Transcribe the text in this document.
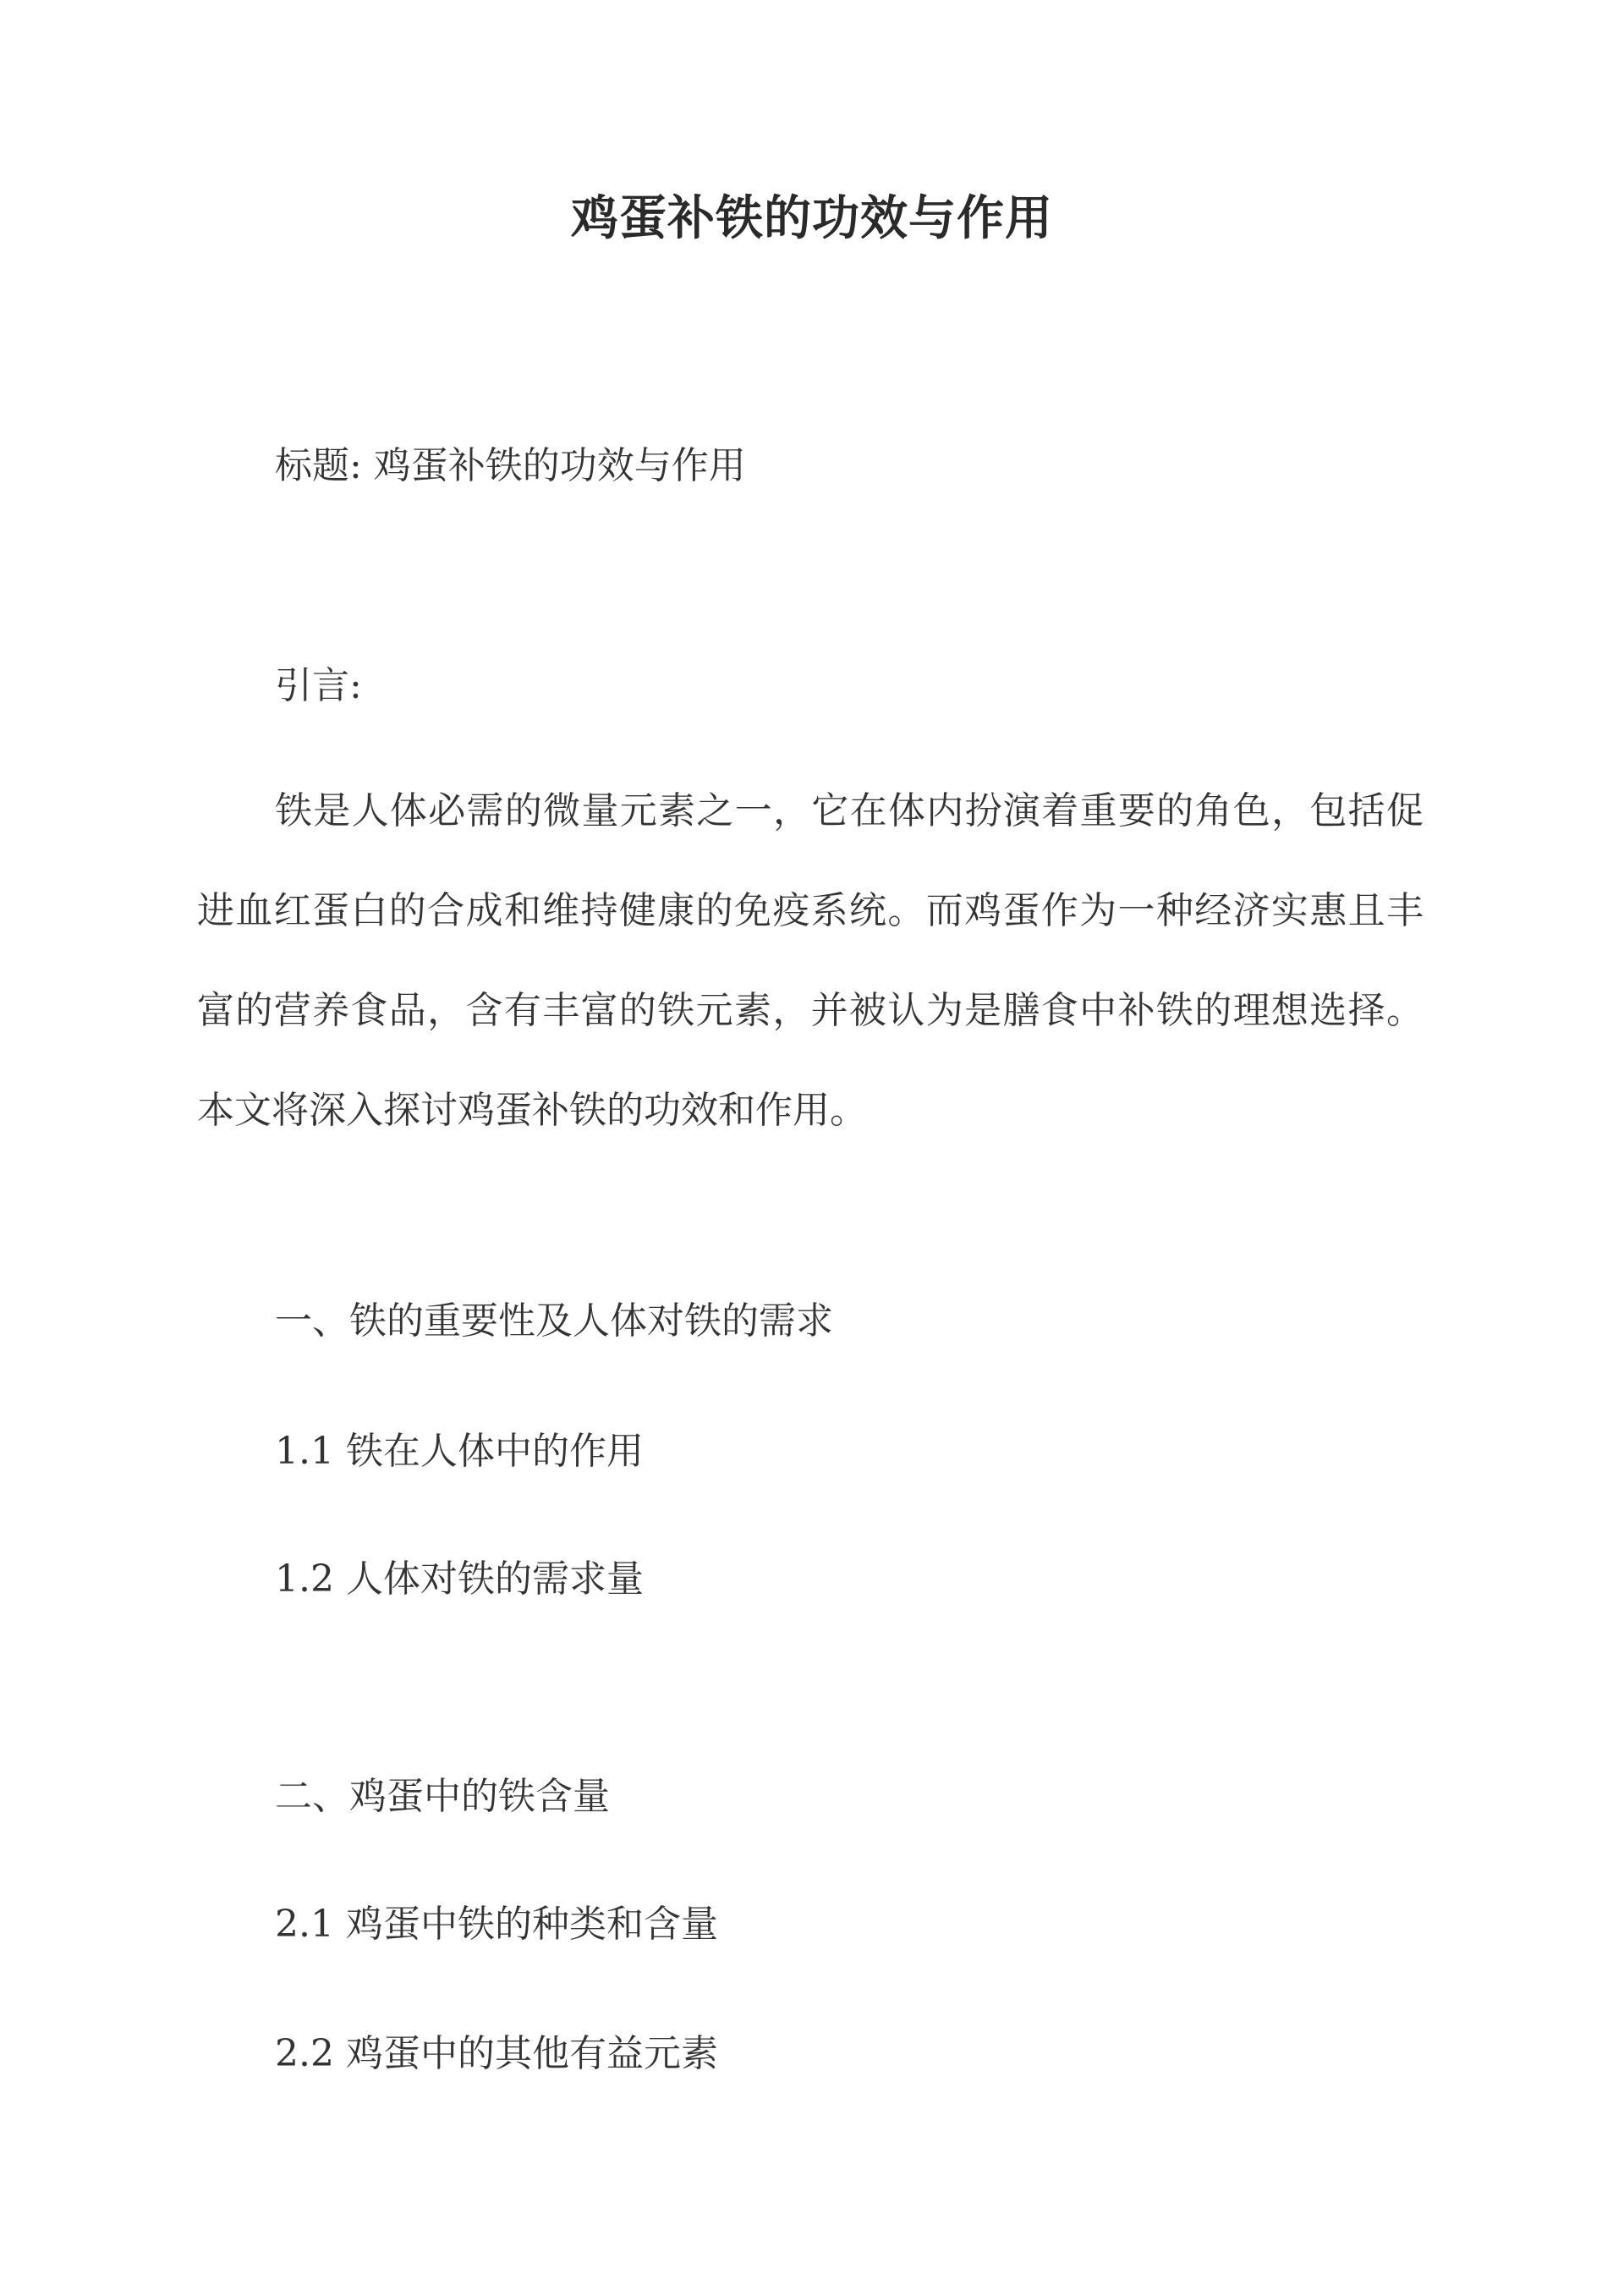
鸡蛋补铁的功效与作用
标题: 鸡蛋补铁的功效与作用
引言:

铁是人体必需的微量元素之一，它在体内扮演着重要的角色，包括促进血红蛋白的合成和维持健康的免疫系统。而鸡蛋作为一种经济实惠且丰富的营养食品，含有丰富的铁元素，并被认为是膳食中补铁的理想选择。本文将深入探讨鸡蛋补铁的功效和作用。

一、铁的重要性及人体对铁的需求
1.1 铁在人体中的作用
1.2 人体对铁的需求量
二、鸡蛋中的铁含量
2.1 鸡蛋中铁的种类和含量
2.2 鸡蛋中的其他有益元素
